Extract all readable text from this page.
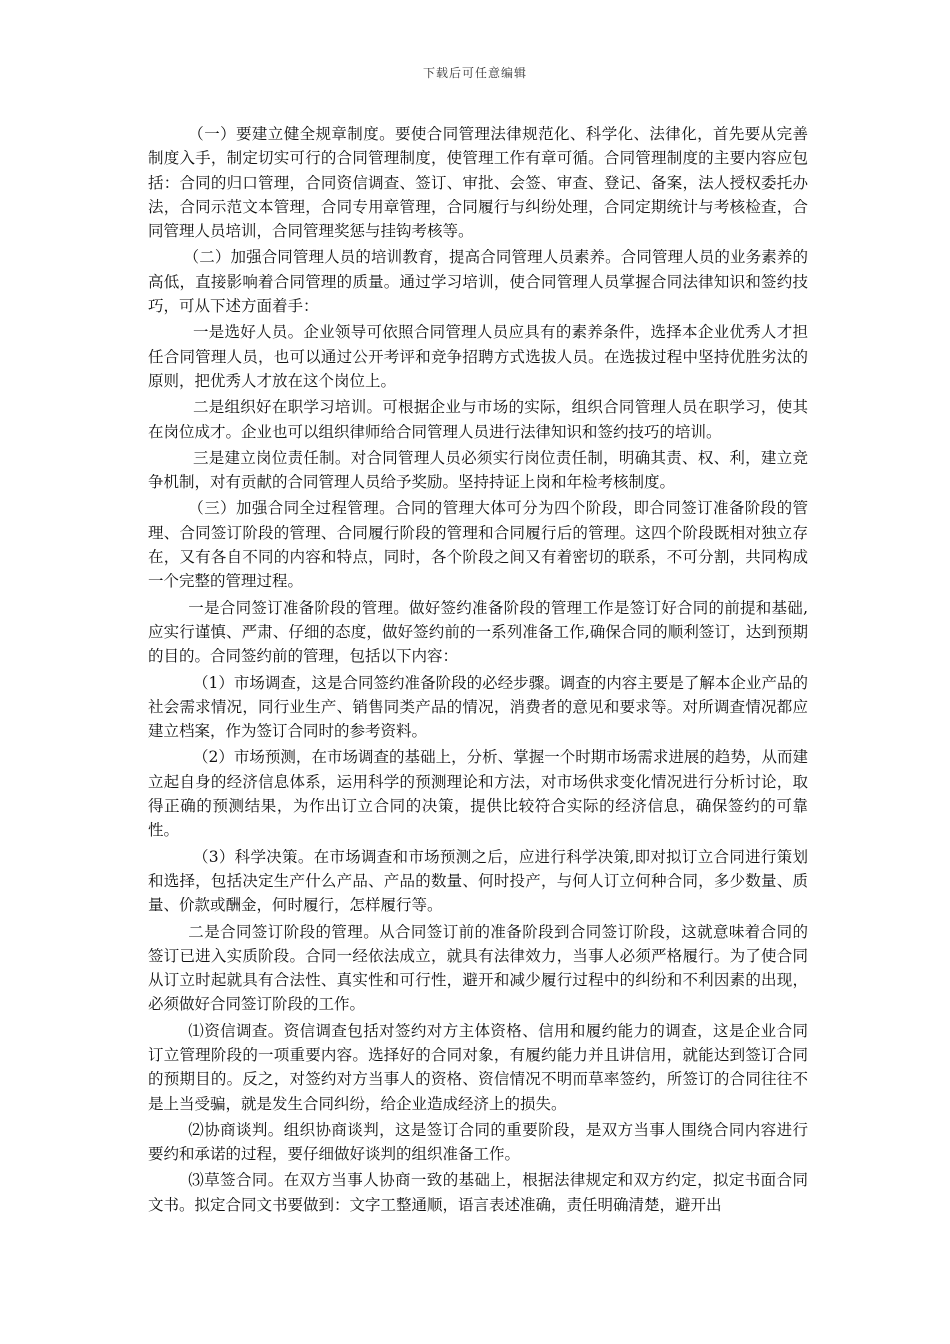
下载后可任意编辑

（一）要建立健全规章制度。要使合同管理法律规范化、科学化、法律化，首先要从完善制度入手，制定切实可行的合同管理制度，使管理工作有章可循。合同管理制度的主要内容应包括：合同的归口管理，合同资信调查、签订、审批、会签、审查、登记、备案，法人授权委托办法，合同示范文本管理，合同专用章管理，合同履行与纠纷处理，合同定期统计与考核检查，合同管理人员培训，合同管理奖惩与挂钩考核等。

（二）加强合同管理人员的培训教育，提高合同管理人员素养。合同管理人员的业务素养的高低，直接影响着合同管理的质量。通过学习培训，使合同管理人员掌握合同法律知识和签约技巧，可从下述方面着手：

一是选好人员。企业领导可依照合同管理人员应具有的素养条件，选择本企业优秀人才担任合同管理人员，也可以通过公开考评和竞争招聘方式选拔人员。在选拔过程中坚持优胜劣汰的原则，把优秀人才放在这个岗位上。

二是组织好在职学习培训。可根据企业与市场的实际，组织合同管理人员在职学习，使其在岗位成才。企业也可以组织律师给合同管理人员进行法律知识和签约技巧的培训。

三是建立岗位责任制。对合同管理人员必须实行岗位责任制，明确其责、权、利，建立竞争机制，对有贡献的合同管理人员给予奖励。坚持持证上岗和年检考核制度。

（三）加强合同全过程管理。合同的管理大体可分为四个阶段，即合同签订准备阶段的管理、合同签订阶段的管理、合同履行阶段的管理和合同履行后的管理。这四个阶段既相对独立存在，又有各自不同的内容和特点，同时，各个阶段之间又有着密切的联系，不可分割，共同构成一个完整的管理过程。

一是合同签订准备阶段的管理。做好签约准备阶段的管理工作是签订好合同的前提和基础,应实行谨慎、严肃、仔细的态度，做好签约前的一系列准备工作,确保合同的顺利签订，达到预期的目的。合同签约前的管理，包括以下内容：

（1）市场调查，这是合同签约准备阶段的必经步骤。调查的内容主要是了解本企业产品的社会需求情况，同行业生产、销售同类产品的情况，消费者的意见和要求等。对所调查情况都应建立档案，作为签订合同时的参考资料。

（2）市场预测，在市场调查的基础上，分析、掌握一个时期市场需求进展的趋势，从而建立起自身的经济信息体系，运用科学的预测理论和方法，对市场供求变化情况进行分析讨论，取得正确的预测结果，为作出订立合同的决策，提供比较符合实际的经济信息，确保签约的可靠性。

（3）科学决策。在市场调查和市场预测之后，应进行科学决策,即对拟订立合同进行策划和选择，包括决定生产什么产品、产品的数量、何时投产，与何人订立何种合同，多少数量、质量、价款或酬金，何时履行，怎样履行等。

二是合同签订阶段的管理。从合同签订前的准备阶段到合同签订阶段，这就意味着合同的签订已进入实质阶段。合同一经依法成立，就具有法律效力，当事人必须严格履行。为了使合同从订立时起就具有合法性、真实性和可行性，避开和减少履行过程中的纠纷和不利因素的出现，必须做好合同签订阶段的工作。

⑴资信调查。资信调查包括对签约对方主体资格、信用和履约能力的调查，这是企业合同订立管理阶段的一项重要内容。选择好的合同对象，有履约能力并且讲信用，就能达到签订合同的预期目的。反之，对签约对方当事人的资格、资信情况不明而草率签约，所签订的合同往往不是上当受骗，就是发生合同纠纷，给企业造成经济上的损失。

⑵协商谈判。组织协商谈判，这是签订合同的重要阶段，是双方当事人围绕合同内容进行要约和承诺的过程，要仔细做好谈判的组织准备工作。

⑶草签合同。在双方当事人协商一致的基础上，根据法律规定和双方约定，拟定书面合同文书。拟定合同文书要做到：文字工整通顺，语言表述准确，责任明确清楚，避开出
